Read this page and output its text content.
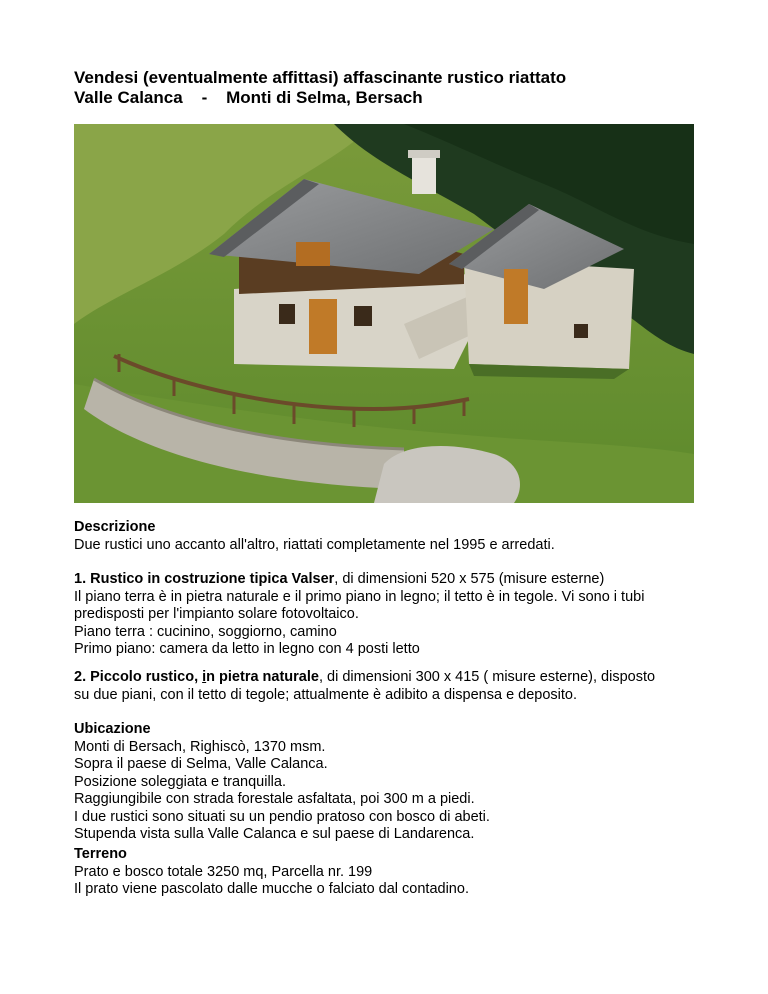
Vendesi (eventualmente affittasi) affascinante rustico riattato
Valle Calanca    -    Monti di Selma, Bersach

Descrizione

Due rustici uno accanto all'altro, riattati completamente nel 1995 e arredati.

1. Rustico in costruzione tipica Valser, di dimensioni 520 x 575 (misure esterne)

Il piano terra è in pietra naturale e il primo piano in legno; il tetto è in tegole. Vi sono i tubi

predisposti per l'impianto solare fotovoltaico.

Piano terra : cucinino, soggiorno, camino

Primo piano: camera da letto in legno con 4 posti letto

2. Piccolo rustico, in pietra naturale, di dimensioni 300 x 415 ( misure esterne), disposto

su due piani, con il tetto di tegole; attualmente è adibito a dispensa e deposito.

Ubicazione

Monti di Bersach, Righiscò, 1370 msm.

Sopra il paese di Selma, Valle Calanca.

Posizione soleggiata e tranquilla.

Raggiungibile con strada forestale asfaltata, poi 300 m a piedi.

I due rustici sono situati su un pendio pratoso con bosco di abeti.

Stupenda vista sulla Valle Calanca e sul paese di Landarenca.

Terreno

Prato e bosco totale 3250 mq, Parcella nr. 199

Il prato viene pascolato dalle mucche o falciato dal contadino.
